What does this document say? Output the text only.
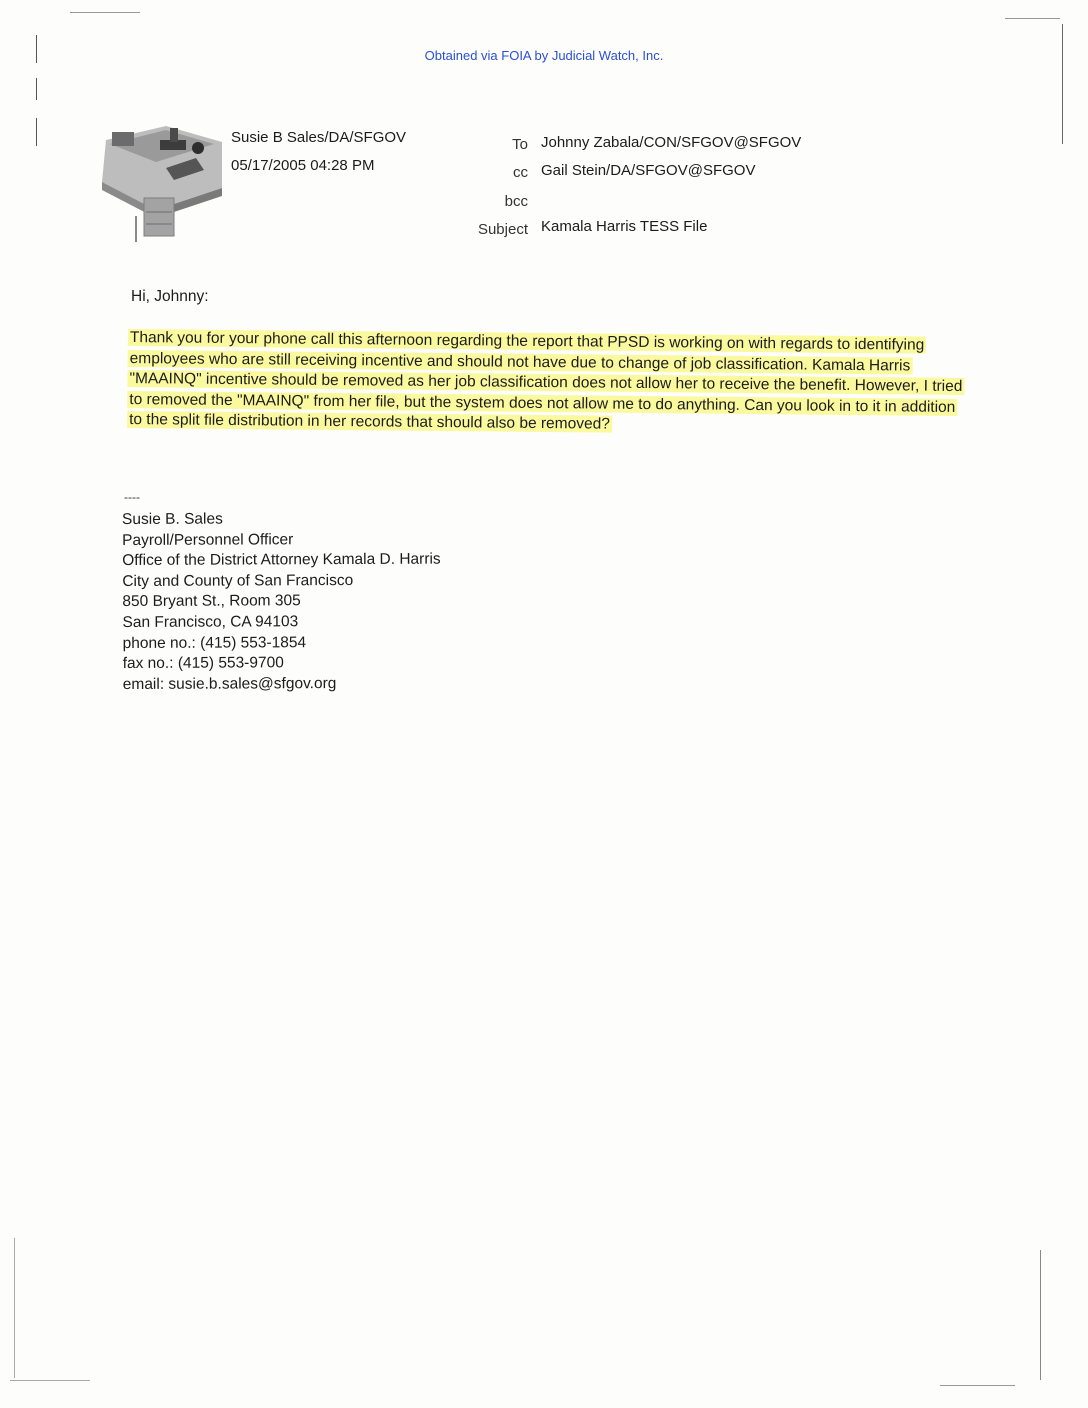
Obtained via FOIA by Judicial Watch, Inc.
Susie B Sales/DA/SFGOV
05/17/2005 04:28 PM
To Johnny Zabala/CON/SFGOV@SFGOV
cc Gail Stein/DA/SFGOV@SFGOV
bcc
Subject Kamala Harris TESS File
Hi, Johnny:
Thank you for your phone call this afternoon regarding the report that PPSD is working on with regards to identifying employees who are still receiving incentive and should not have due to change of job classification. Kamala Harris "MAAINQ" incentive should be removed as her job classification does not allow her to receive the benefit. However, I tried to removed the "MAAINQ" from her file, but the system does not allow me to do anything. Can you look in to it in addition to the split file distribution in her records that should also be removed?
----
Susie B. Sales
Payroll/Personnel Officer
Office of the District Attorney Kamala D. Harris
City and County of San Francisco
850 Bryant St., Room 305
San Francisco, CA 94103
phone no.: (415) 553-1854
fax no.: (415) 553-9700
email: susie.b.sales@sfgov.org
